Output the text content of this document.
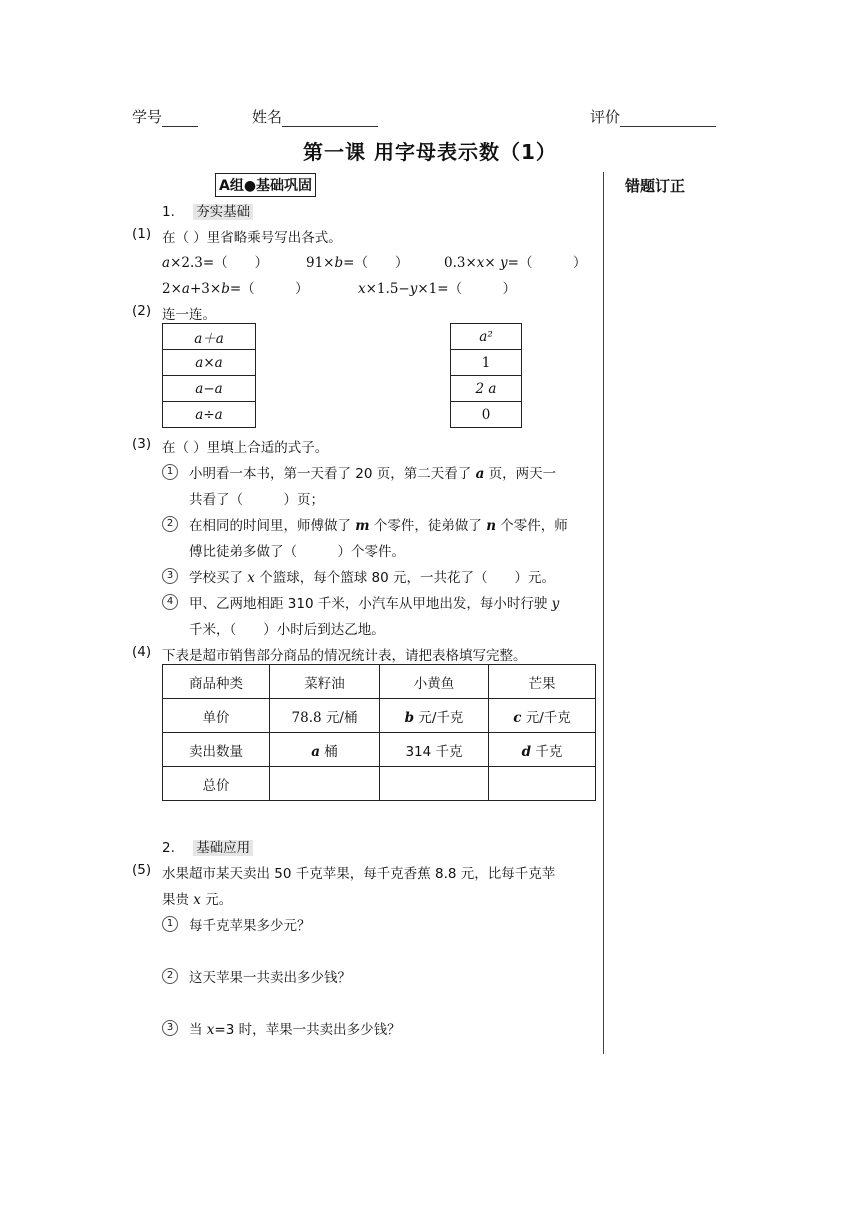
学号	姓名	评价
第一课 用字母表示数（1）
错题订正
A组●基础巩固
1. 夯实基础
(1) 在（ ）里省略乘号写出各式。
a×2.3=（　　）	91×b=（　　）	0.3×x× y=（　　　）
2×a+3×b=（　　　）	x×1.5−y×1=（　　　）
(2) 连一连。
a＋a
a×a
a−a
a÷a
a²
1
2 a
0
(3) 在（ ）里填上合适的式子。
1	小明看一本书，第一天看了 20 页，第二天看了 a 页，两天一
共看了（　　　）页；
2	在相同的时间里，师傅做了 m 个零件，徒弟做了 n 个零件，师
傅比徒弟多做了（　　　）个零件。
3	学校买了 x 个篮球，每个篮球 80 元，一共花了（　　）元。
4	甲、乙两地相距 310 千米，小汽车从甲地出发，每小时行驶 y
千米，（　　）小时后到达乙地。
(4) 下表是超市销售部分商品的情况统计表，请把表格填写完整。
商品种类	菜籽油	小黄鱼	芒果
单价	78.8 元/桶	b 元/千克	c 元/千克
卖出数量	a 桶	314 千克	d 千克
总价			
2. 基础应用
(5) 水果超市某天卖出 50 千克苹果，每千克香蕉 8.8 元，比每千克苹
果贵 x 元。
1	每千克苹果多少元？
2	这天苹果一共卖出多少钱？
3	当 x=3 时，苹果一共卖出多少钱？
